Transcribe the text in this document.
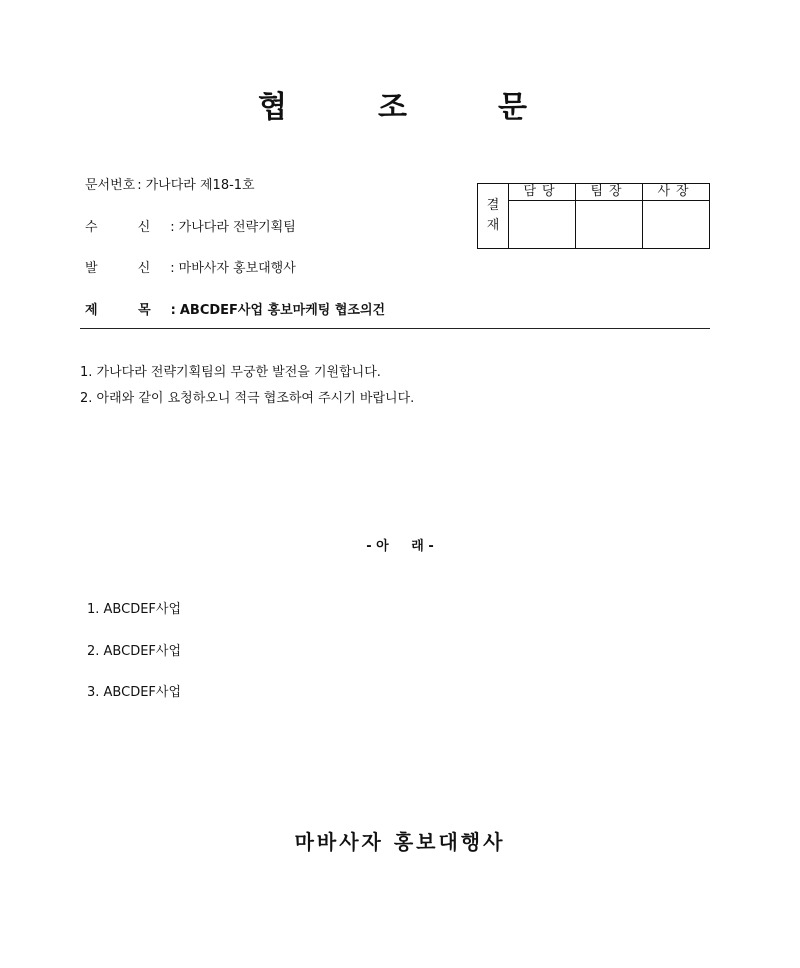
협	조	문
문서번호 : 가나다라 제18-1호
수 신 : 가나다라 전략기획팀
발 신 : 마바사자 홍보대행사
제 목 : ABCDEF사업 홍보마케팅 협조의건
결
재	담당	팀장	사장

1. 가나다라 전략기획팀의 무궁한 발전을 기원합니다.
2. 아래와 같이 요청하오니 적극 협조하여 주시기 바랍니다.
- 아     래 -
1. ABCDEF사업
2. ABCDEF사업
3. ABCDEF사업
마바사자 홍보대행사
